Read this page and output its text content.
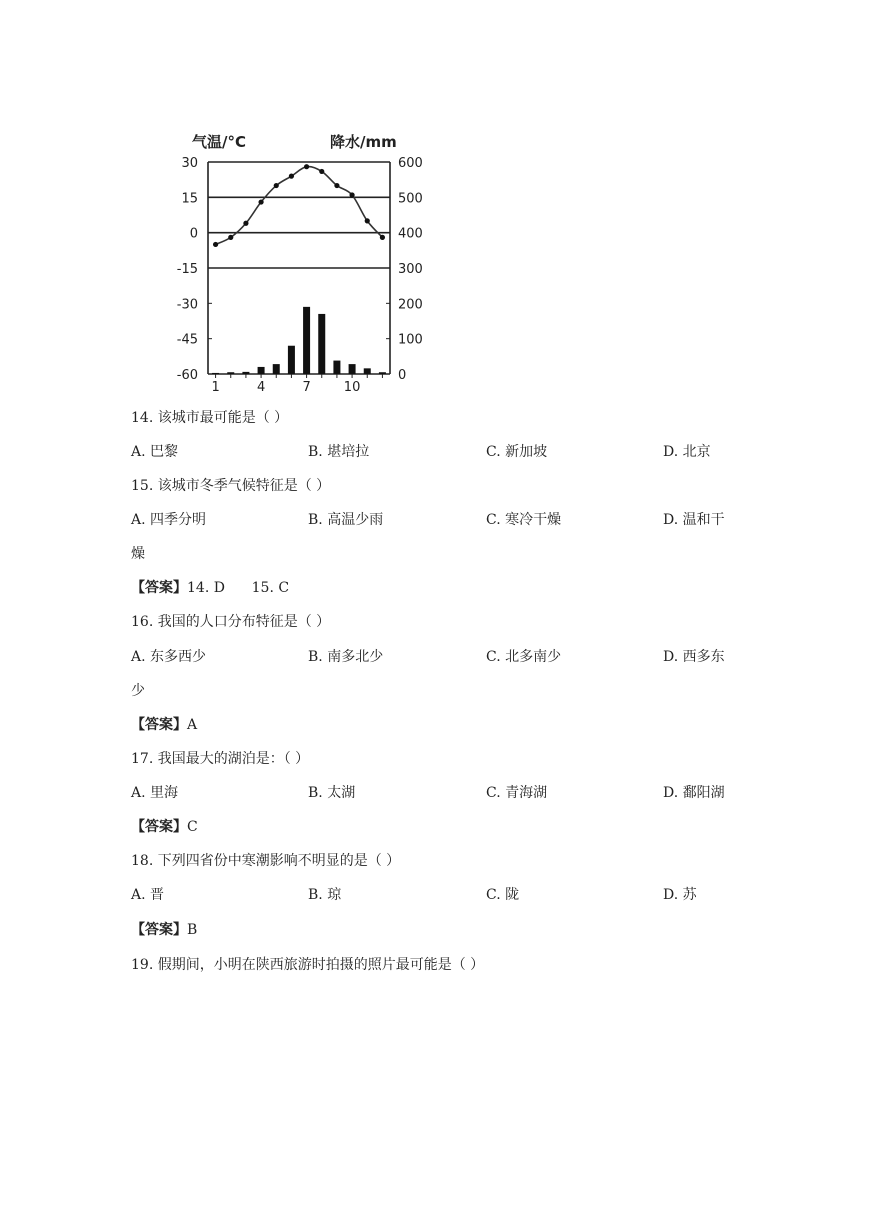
气温/°C	降水/mm
30
15
0
-15
-30
-45
-60
600
500
400
300
200
100
0
1	4	7	10
14. 该城市最可能是（ ）
A. 巴黎	B. 堪培拉	C. 新加坡	D. 北京
15. 该城市冬季气候特征是（ ）
A. 四季分明	B. 高温少雨	C. 寒冷干燥	D. 温和干
燥
【答案】14. D      15. C
16. 我国的人口分布特征是（ ）
A. 东多西少	B. 南多北少	C. 北多南少	D. 西多东
少
【答案】A
17. 我国最大的湖泊是：（ ）
A. 里海	B. 太湖	C. 青海湖	D. 鄱阳湖
【答案】C
18. 下列四省份中寒潮影响不明显的是（ ）
A. 晋	B. 琼	C. 陇	D. 苏
【答案】B
19. 假期间，小明在陕西旅游时拍摄的照片最可能是（ ）
